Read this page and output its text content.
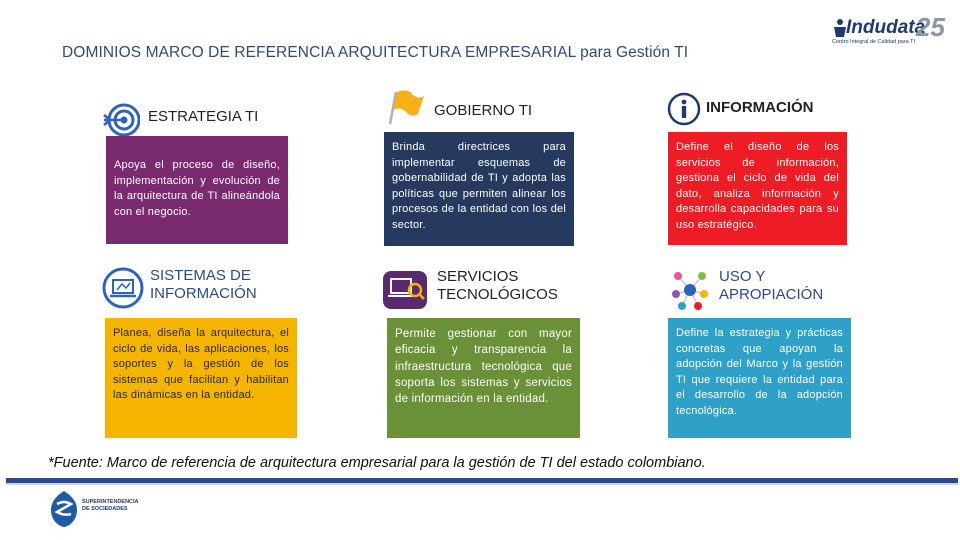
DOMINIOS MARCO DE REFERENCIA ARQUITECTURA EMPRESARIAL para Gestión TI
Indudata
25
Centro Integral de Calidad para TI
ESTRATEGIA TI
Apoya el proceso de diseño, implementación y evolución de la arquitectura de TI alineándola con el negocio.
GOBIERNO TI
Brinda directrices para implementar esquemas de gobernabilidad de TI y adopta las políticas que permiten alinear los procesos de la entidad con los del sector.
INFORMACIÓN
Define el diseño de los servicios de información, gestiona el ciclo de vida del dato, analiza información y desarrolla capacidades para su uso estratégico.
SISTEMAS DE
INFORMACIÓN
Planea, diseña la arquitectura, el ciclo de vida, las aplicaciones, los soportes y la gestión de los sistemas que facilitan y habilitan las dinámicas en la entidad.
SERVICIOS
TECNOLÓGICOS
Permite gestionar con mayor eficacia y transparencia la infraestructura tecnológica que soporta los sistemas y servicios de información en la entidad.
USO Y
APROPIACIÓN
Define la estrategia y prácticas concretas que apoyan la adopción del Marco y la gestión TI que requiere la entidad para el desarrollo de la adopción tecnológica.
*Fuente: Marco de referencia de arquitectura empresarial para la gestión de TI del estado colombiano.
SUPERINTENDENCIA
DE SOCIEDADES
